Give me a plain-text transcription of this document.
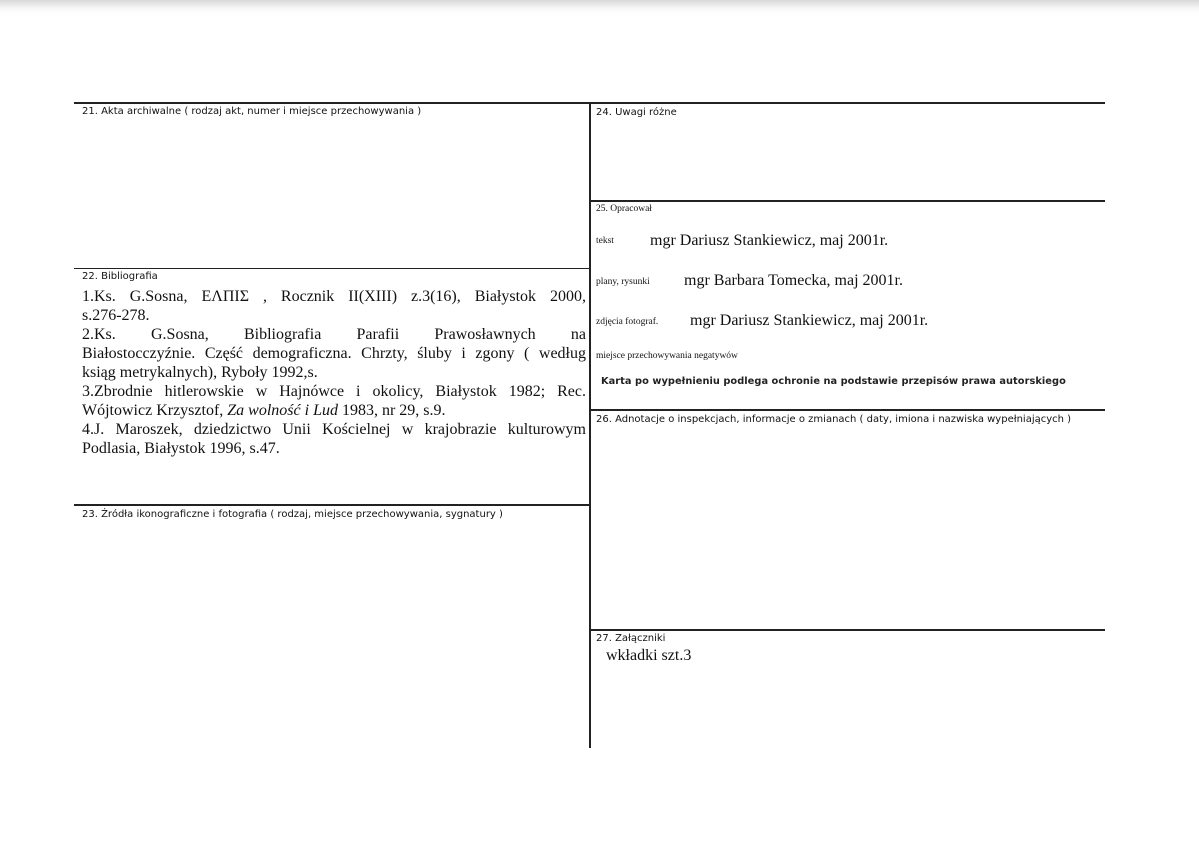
21. Akta archiwalne ( rodzaj akt, numer i miejsce przechowywania )
22. Bibliografia

1.Ks. G.Sosna, ΕΛΠΙΣ , Rocznik II(XIII) z.3(16), Białystok 2000,

s.276-278.

2.Ks. G.Sosna, Bibliografia Parafii Prawosławnych na

Białostocczyźnie. Część demograficzna. Chrzty, śluby i zgony ( według

ksiąg metrykalnych), Ryboły 1992,s.

3.Zbrodnie hitlerowskie w Hajnówce i okolicy, Białystok 1982; Rec.

Wójtowicz Krzysztof, Za wolność i Lud 1983, nr 29, s.9.

4.J. Maroszek, dziedzictwo Unii Kościelnej w krajobrazie kulturowym

Podlasia, Białystok 1996, s.47.

23. Źródła ikonograficzne i fotografia ( rodzaj, miejsce przechowywania, sygnatury )
24. Uwagi różne
25. Opracował
tekst mgr Dariusz Stankiewicz, maj 2001r.
plany, rysunki mgr Barbara Tomecka, maj 2001r.
zdjęcia fotograf. mgr Dariusz Stankiewicz, maj 2001r.
miejsce przechowywania negatywów
Karta po wypełnieniu podlega ochronie na podstawie przepisów prawa autorskiego
26. Adnotacje o inspekcjach, informacje o zmianach ( daty, imiona i nazwiska wypełniających )
27. Załączniki
wkładki szt.3
